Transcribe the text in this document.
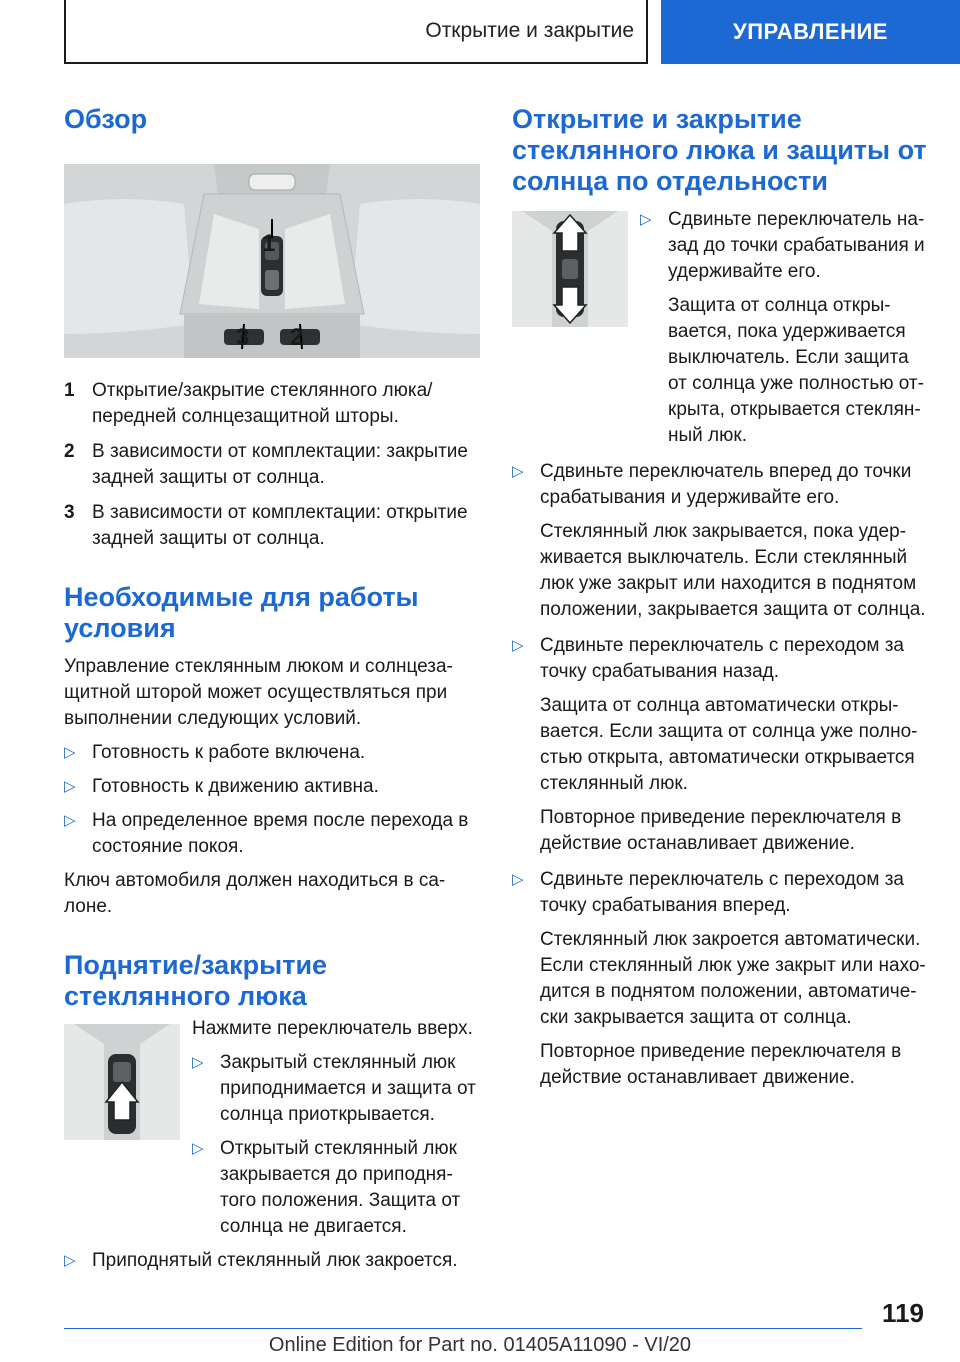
Открытие и закрытие	УПРАВЛЕНИЕ
Обзор
1
3 2
1 Открытие/закрытие стеклянного люка/передней солнцезащитной шторы.
2 В зависимости от комплектации: закрытие задней защиты от солнца.
3 В зависимости от комплектации: открытие задней защиты от солнца.
Необходимые для работы условия

Управление стеклянным люком и солнцеза-щитной шторой может осуществляться при выполнении следующих условий.

▷ Готовность к работе включена.

▷ Готовность к движению активна.

▷ На определенное время после перехода в состояние покоя.

Ключ автомобиля должен находиться в са-лоне.

Поднятие/закрытие стеклянного люка

Нажмите переключатель вверх.

▷ Закрытый стеклянный люк приподнимается и защита от солнца приоткрывается.

▷ Открытый стеклянный люк закрывается до приподня-того положения. Защита от солнца не двигается.

▷ Приподнятый стеклянный люк закроется.

Открытие и закрытие стеклянного люка и защиты от солнца по отдельности
▷ Сдвиньте переключатель на-зад до точки срабатывания и удерживайте его.

Защита от солнца откры-вается, пока удерживается выключатель. Если защита от солнца уже полностью от-крыта, открывается стеклян-ный люк.

▷ Сдвиньте переключатель вперед до точки срабатывания и удерживайте его.

Стеклянный люк закрывается, пока удер-живается выключатель. Если стеклянный люк уже закрыт или находится в поднятом положении, закрывается защита от солнца.

▷ Сдвиньте переключатель с переходом за точку срабатывания назад.

Защита от солнца автоматически откры-вается. Если защита от солнца уже полно-стью открыта, автоматически открывается стеклянный люк.

Повторное приведение переключателя в действие останавливает движение.

▷ Сдвиньте переключатель с переходом за точку срабатывания вперед.

Стеклянный люк закроется автоматически. Если стеклянный люк уже закрыт или нахо-дится в поднятом положении, автоматиче-ски закрывается защита от солнца.

Повторное приведение переключателя в действие останавливает движение.

119
Online Edition for Part no. 01405A11090 - VI/20
